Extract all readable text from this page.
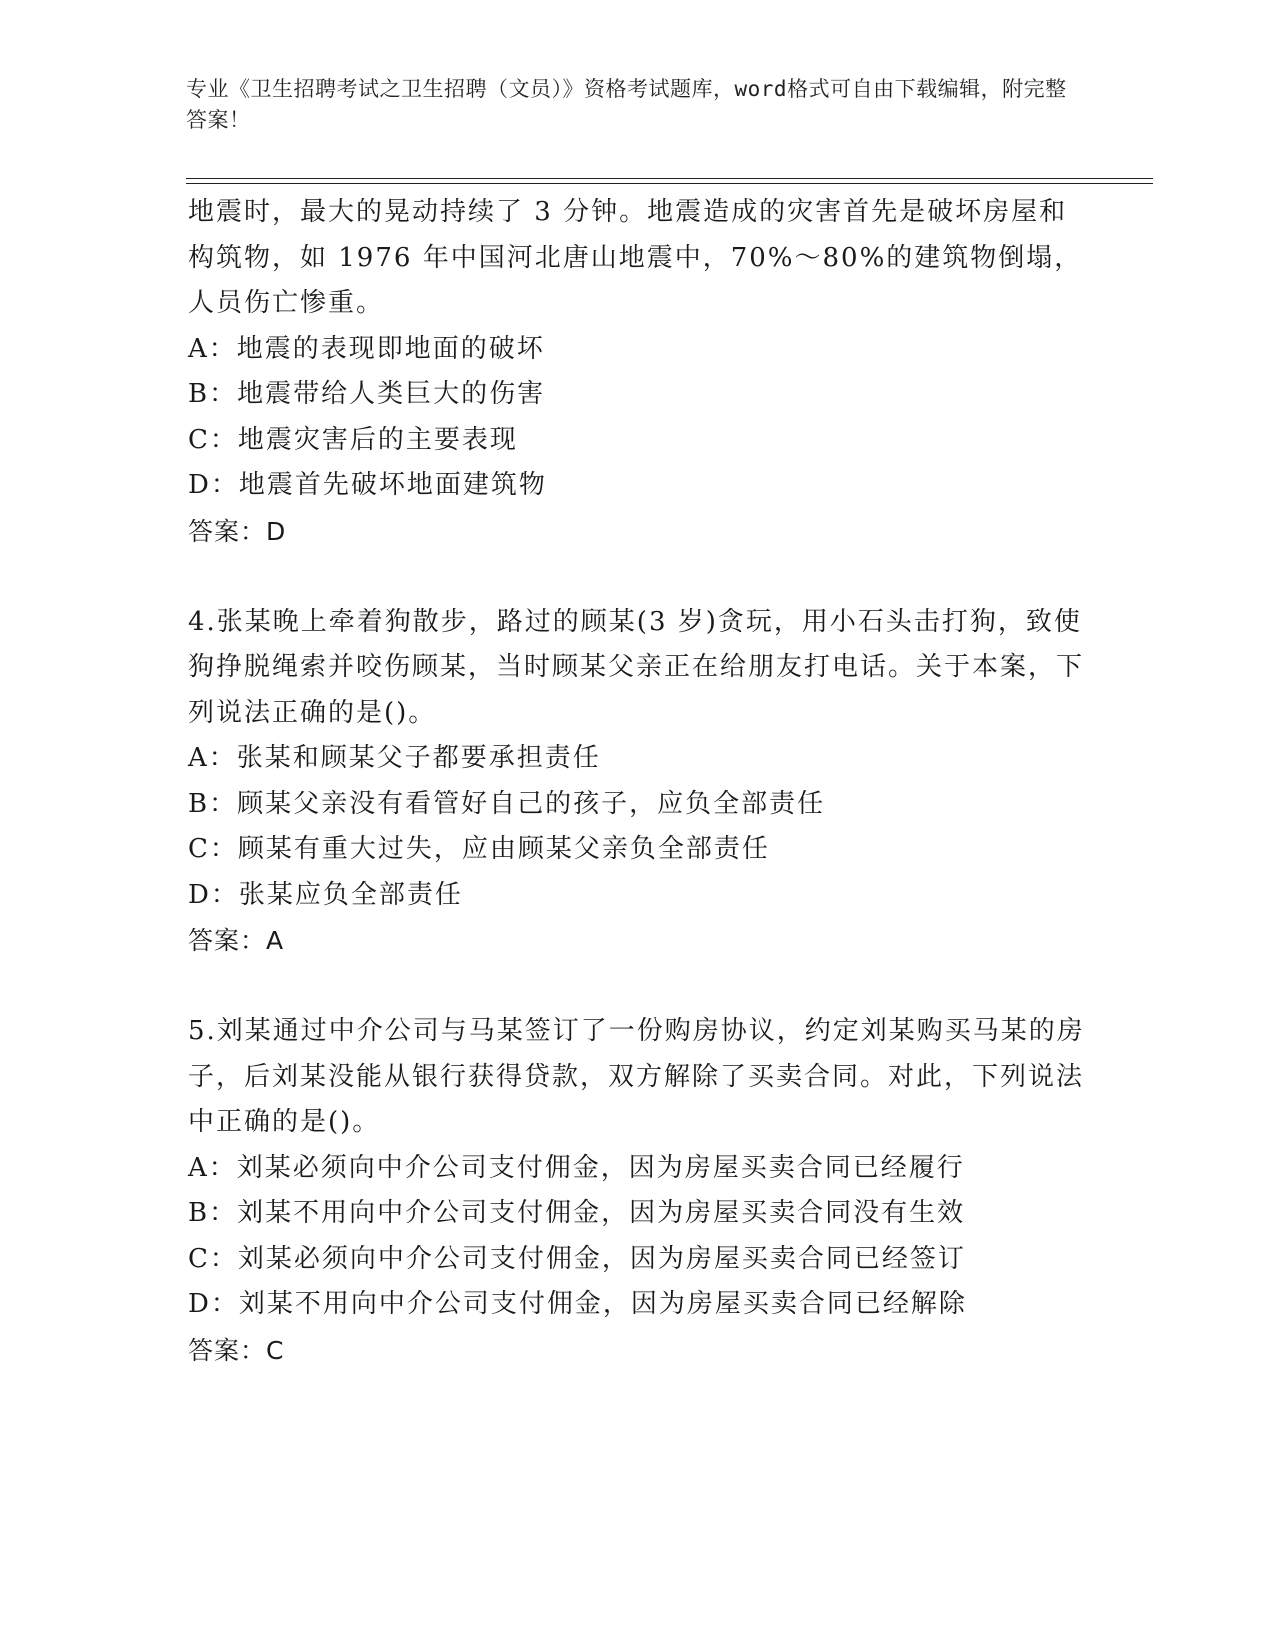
专业《卫生招聘考试之卫生招聘（文员）》资格考试题库，word格式可自由下载编辑，附完整答案！

地震时，最大的晃动持续了 3 分钟。地震造成的灾害首先是破坏房屋和构筑物，如 1976 年中国河北唐山地震中，70%～80%的建筑物倒塌，人员伤亡惨重。

A：地震的表现即地面的破坏

B：地震带给人类巨大的伤害

C：地震灾害后的主要表现

D：地震首先破坏地面建筑物

答案：D

4.张某晚上牵着狗散步，路过的顾某(3 岁)贪玩，用小石头击打狗，致使狗挣脱绳索并咬伤顾某，当时顾某父亲正在给朋友打电话。关于本案，下列说法正确的是()。

A：张某和顾某父子都要承担责任

B：顾某父亲没有看管好自己的孩子，应负全部责任

C：顾某有重大过失，应由顾某父亲负全部责任

D：张某应负全部责任

答案：A

5.刘某通过中介公司与马某签订了一份购房协议，约定刘某购买马某的房子，后刘某没能从银行获得贷款，双方解除了买卖合同。对此，下列说法中正确的是()。

A：刘某必须向中介公司支付佣金，因为房屋买卖合同已经履行

B：刘某不用向中介公司支付佣金，因为房屋买卖合同没有生效

C：刘某必须向中介公司支付佣金，因为房屋买卖合同已经签订

D：刘某不用向中介公司支付佣金，因为房屋买卖合同已经解除

答案：C
